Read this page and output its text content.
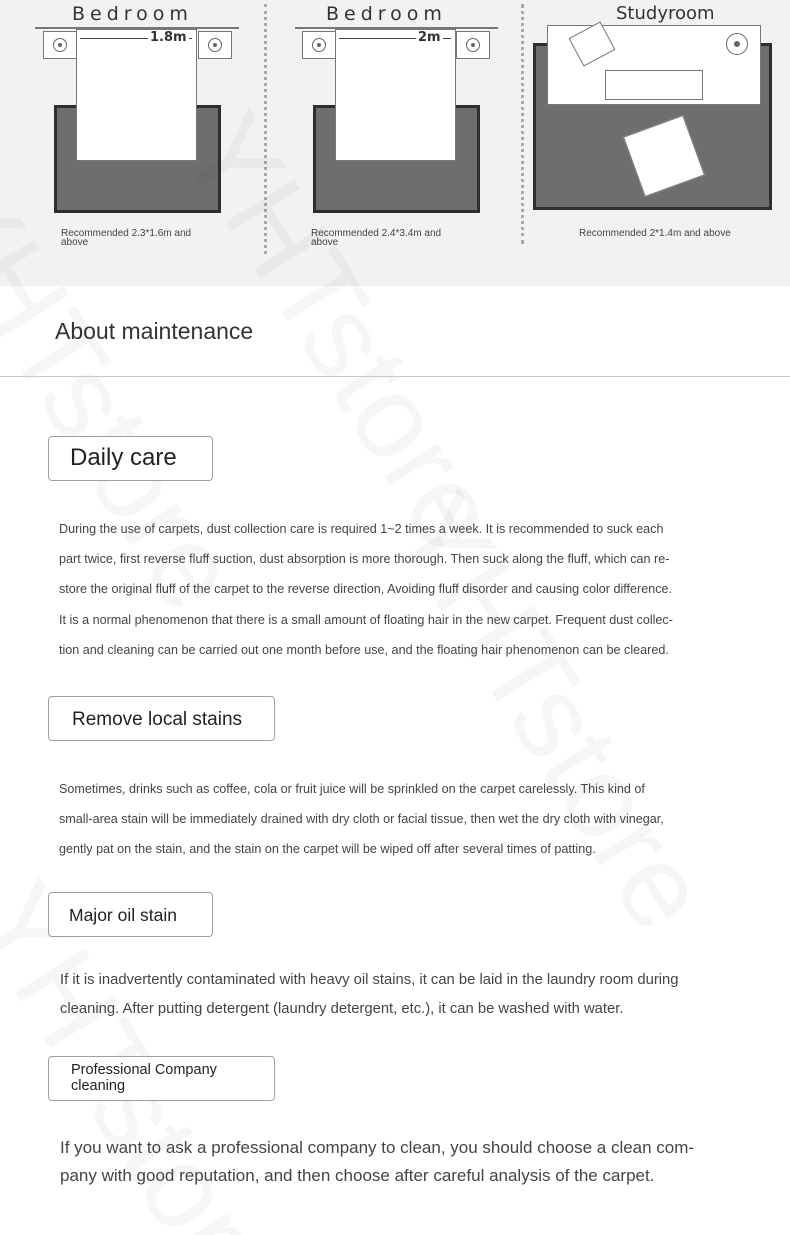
Bedroom
1.8m
Recommended 2.3*1.6m and above
Bedroom
2m
Recommended 2.4*3.4m and above
Studyroom
Recommended 2*1.4m and above
About maintenance
Daily care
During the use of carpets, dust collection care is required 1~2 times a week. It is recommended to suck each
part twice, first reverse fluff suction, dust absorption is more thorough. Then suck along the fluff, which can re-
store the original fluff of the carpet to the reverse direction, Avoiding fluff disorder and causing color difference.
It is a normal phenomenon that there is a small amount of floating hair in the new carpet. Frequent dust collec-
tion and cleaning can be carried out one month before use, and the floating hair phenomenon can be cleared.
Remove local stains
Sometimes, drinks such as coffee, cola or fruit juice will be sprinkled on the carpet carelessly. This kind of
small-area stain will be immediately drained with dry cloth or facial tissue, then wet the dry cloth with vinegar,
gently pat on the stain, and the stain on the carpet will be wiped off after several times of patting.
Major oil stain
If it is inadvertently contaminated with heavy oil stains, it can be laid in the laundry room during
cleaning. After putting detergent (laundry detergent, etc.), it can be washed with water.
Professional Company
cleaning
If you want to ask a professional company to clean, you should choose a clean com-
pany with good reputation, and then choose after careful analysis of the carpet.
